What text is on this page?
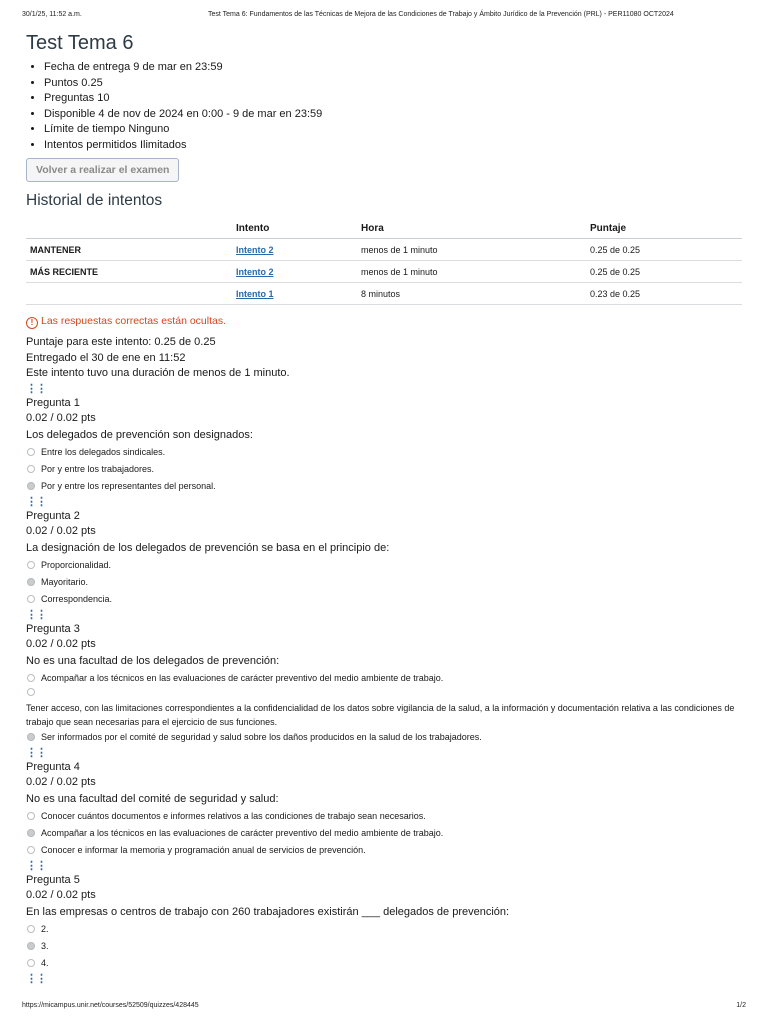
30/1/25, 11:52 a.m.	Test Tema 6: Fundamentos de las Técnicas de Mejora de las Condiciones de Trabajo y Ámbito Jurídico de la Prevención (PRL) - PER11080 OCT2024
Test Tema 6
• Fecha de entrega 9 de mar en 23:59
• Puntos 0.25
• Preguntas 10
• Disponible 4 de nov de 2024 en 0:00 - 9 de mar en 23:59
• Límite de tiempo Ninguno
• Intentos permitidos Ilimitados
Volver a realizar el examen
Historial de intentos
	Intento	Hora	Puntaje
MANTENER	Intento 2	menos de 1 minuto	0.25 de 0.25
MÁS RECIENTE	Intento 2	menos de 1 minuto	0.25 de 0.25
	Intento 1	8 minutos	0.23 de 0.25
! Las respuestas correctas están ocultas.
Puntaje para este intento: 0.25 de 0.25
Entregado el 30 de ene en 11:52
Este intento tuvo una duración de menos de 1 minuto.
⋮⋮
Pregunta 1
0.02 / 0.02 pts
Los delegados de prevención son designados:
Entre los delegados sindicales.
Por y entre los trabajadores.
Por y entre los representantes del personal.
⋮⋮
Pregunta 2
0.02 / 0.02 pts
La designación de los delegados de prevención se basa en el principio de:
Proporcionalidad.
Mayoritario.
Correspondencia.
⋮⋮
Pregunta 3
0.02 / 0.02 pts
No es una facultad de los delegados de prevención:
Acompañar a los técnicos en las evaluaciones de carácter preventivo del medio ambiente de trabajo.
Tener acceso, con las limitaciones correspondientes a la confidencialidad de los datos sobre vigilancia de la salud, a la información y documentación relativa a las condiciones de trabajo que sean necesarias para el ejercicio de sus funciones.
Ser informados por el comité de seguridad y salud sobre los daños producidos en la salud de los trabajadores.
⋮⋮
Pregunta 4
0.02 / 0.02 pts
No es una facultad del comité de seguridad y salud:
Conocer cuántos documentos e informes relativos a las condiciones de trabajo sean necesarios.
Acompañar a los técnicos en las evaluaciones de carácter preventivo del medio ambiente de trabajo.
Conocer e informar la memoria y programación anual de servicios de prevención.
⋮⋮
Pregunta 5
0.02 / 0.02 pts
En las empresas o centros de trabajo con 260 trabajadores existirán ___ delegados de prevención:
2.
3.
4.
⋮⋮
https://micampus.unir.net/courses/52509/quizzes/428445	1/2
